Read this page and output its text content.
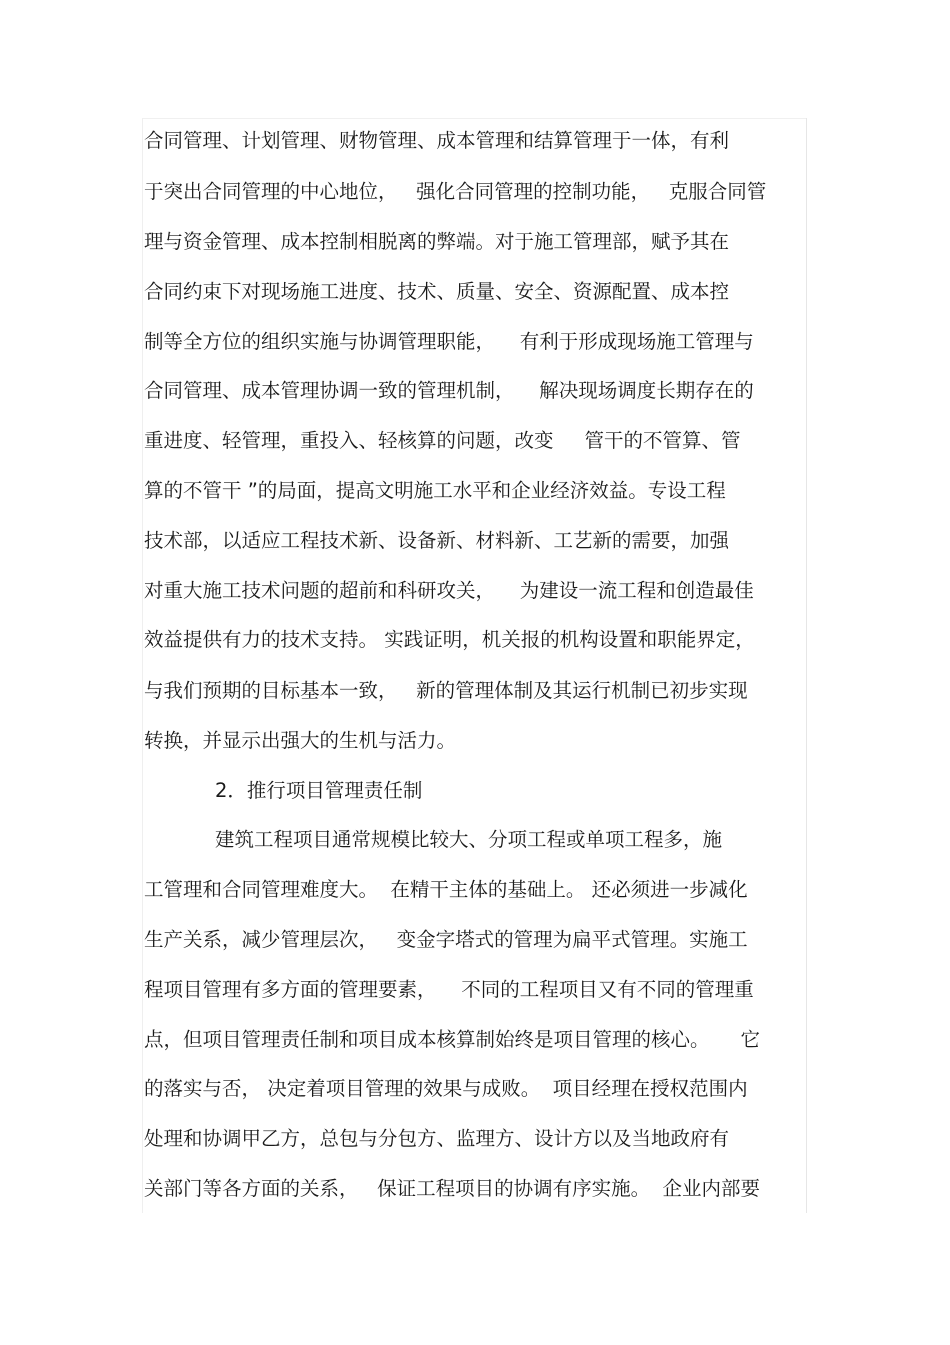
合同管理、计划管理、财物管理、成本管理和结算管理于一体，有利
于突出合同管理的中心地位，   强化合同管理的控制功能，   克服合同管
理与资金管理、成本控制相脱离的弊端。对于施工管理部，赋予其在
合同约束下对现场施工进度、技术、质量、安全、资源配置、成本控
制等全方位的组织实施与协调管理职能，    有利于形成现场施工管理与
合同管理、成本管理协调一致的管理机制，    解决现场调度长期存在的
重进度、轻管理，重投入、轻核算的问题，改变     管干的不管算、管
算的不管干 ”的局面，提高文明施工水平和企业经济效益。专设工程
技术部，以适应工程技术新、设备新、材料新、工艺新的需要，加强
对重大施工技术问题的超前和科研攻关，    为建设一流工程和创造最佳
效益提供有力的技术支持。 实践证明，机关报的机构设置和职能界定，
与我们预期的目标基本一致，   新的管理体制及其运行机制已初步实现
转换，并显示出强大的生机与活力。
2．推行项目管理责任制
建筑工程项目通常规模比较大、分项工程或单项工程多，施
工管理和合同管理难度大。  在精干主体的基础上。 还必须进一步减化
生产关系，减少管理层次，   变金字塔式的管理为扁平式管理。实施工
程项目管理有多方面的管理要素，    不同的工程项目又有不同的管理重
点，但项目管理责任制和项目成本核算制始终是项目管理的核心。     它
的落实与否， 决定着项目管理的效果与成败。  项目经理在授权范围内
处理和协调甲乙方，总包与分包方、监理方、设计方以及当地政府有
关部门等各方面的关系，   保证工程项目的协调有序实施。  企业内部要
